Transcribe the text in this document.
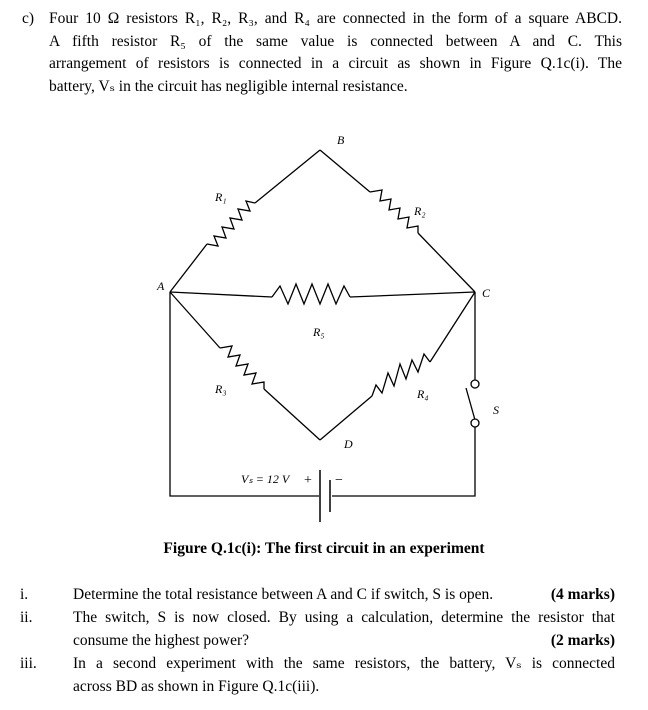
c) Four 10 Ω resistors R₁, R₂, R₃, and R₄ are connected in the form of a square ABCD.
A fifth resistor R₅ of the same value is connected between A and C. This
arrangement of resistors is connected in a circuit as shown in Figure Q.1c(i). The
battery, Vₛ in the circuit has negligible internal resistance.
A
B
C
D
R₁
R₂
R₃	R₄
R₅
S
Vₛ = 12 V + −
Figure Q.1c(i): The first circuit in an experiment
i.	Determine the total resistance between A and C if switch, S is open.	(4 marks)
ii.	The switch, S is now closed. By using a calculation, determine the resistor that
consume the highest power?	(2 marks)
iii.	In a second experiment with the same resistors, the battery, Vₛ is connected
across BD as shown in Figure Q.1c(iii).
